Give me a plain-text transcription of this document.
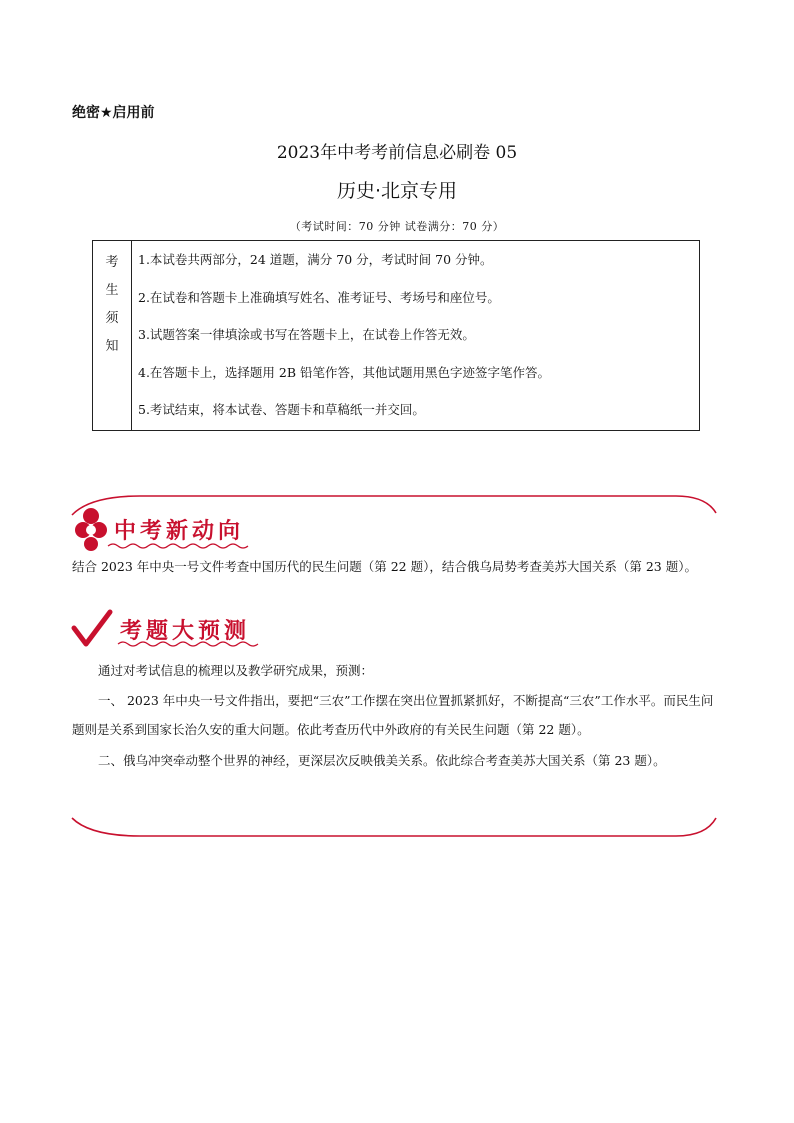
绝密★启用前
2023年中考考前信息必刷卷 05
历史·北京专用
（考试时间：70 分钟 试卷满分：70 分）
考
生
须
知
1.本试卷共两部分，24 道题，满分 70 分，考试时间 70 分钟。
2.在试卷和答题卡上准确填写姓名、准考证号、考场号和座位号。
3.试题答案一律填涂或书写在答题卡上，在试卷上作答无效。
4.在答题卡上，选择题用 2B 铅笔作答，其他试题用黑色字迹签字笔作答。
5.考试结束，将本试卷、答题卡和草稿纸一并交回。
中考新动向
结合 2023 年中央一号文件考查中国历代的民生问题（第 22 题），结合俄乌局势考查美苏大国关系（第 23 题）。
考题大预测
通过对考试信息的梳理以及教学研究成果，预测：
一、 2023 年中央一号文件指出，要把“三农”工作摆在突出位置抓紧抓好，不断提高“三农”工作水平。而民生问题则是关系到国家长治久安的重大问题。依此考查历代中外政府的有关民生问题（第 22 题）。
二、俄乌冲突牵动整个世界的神经，更深层次反映俄美关系。依此综合考查美苏大国关系（第 23 题）。
